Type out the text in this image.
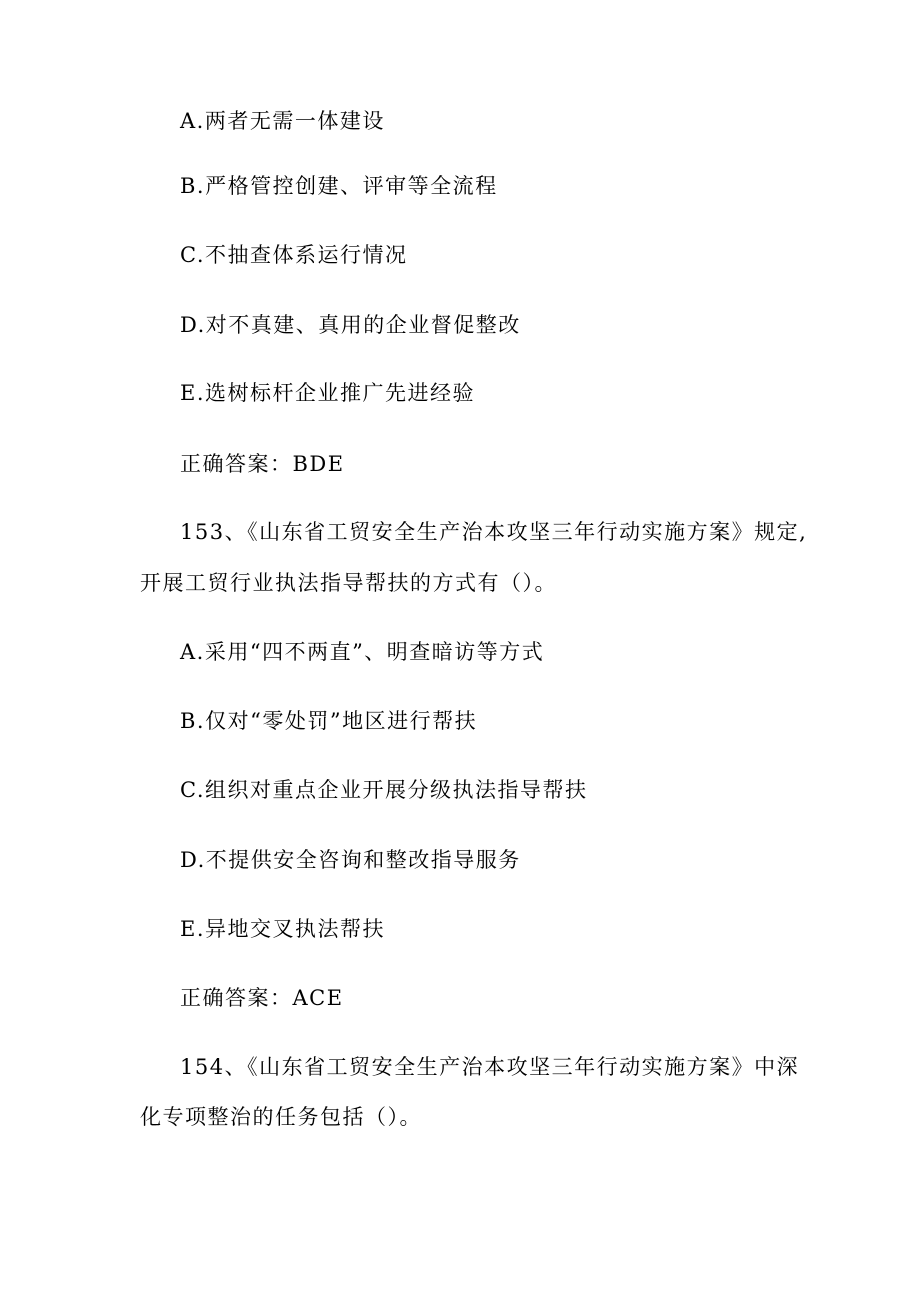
A.两者无需一体建设
B.严格管控创建、评审等全流程
C.不抽查体系运行情况
D.对不真建、真用的企业督促整改
E.选树标杆企业推广先进经验
正确答案：BDE
153、《山东省工贸安全生产治本攻坚三年行动实施方案》规定,
开展工贸行业执法指导帮扶的方式有（）。
A.采用“四不两直”、明查暗访等方式
B.仅对“零处罚”地区进行帮扶
C.组织对重点企业开展分级执法指导帮扶
D.不提供安全咨询和整改指导服务
E.异地交叉执法帮扶
正确答案：ACE
154、《山东省工贸安全生产治本攻坚三年行动实施方案》中深
化专项整治的任务包括（）。
